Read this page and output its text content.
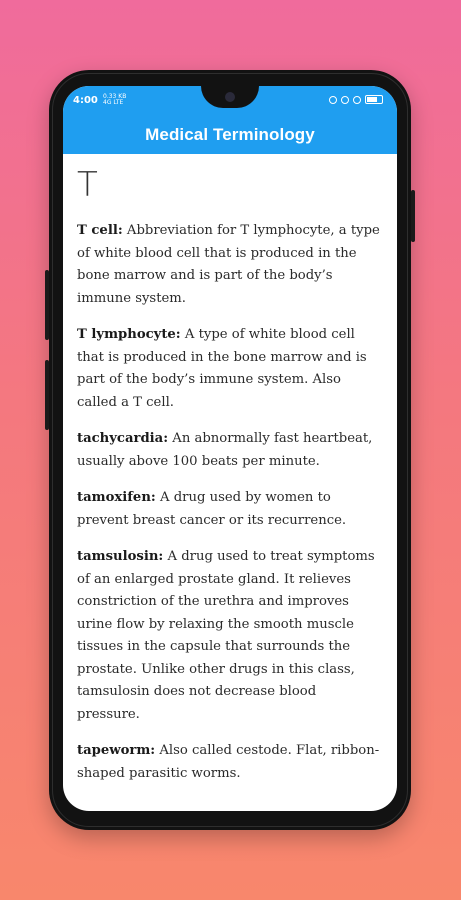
4:00 0.33 KB
4G LTE
Medical Terminology
T

T cell: Abbreviation for T lymphocyte, a type of white blood cell that is produced in the bone marrow and is part of the body’s immune system.

T lymphocyte: A type of white blood cell that is produced in the bone marrow and is part of the body’s immune system. Also called a T cell.

tachycardia: An abnormally fast heartbeat, usually above 100 beats per minute.

tamoxifen: A drug used by women to prevent breast cancer or its recurrence.

tamsulosin: A drug used to treat symptoms of an enlarged prostate gland. It relieves constriction of the urethra and improves urine flow by relaxing the smooth muscle tissues in the capsule that surrounds the prostate. Unlike other drugs in this class, tamsulosin does not decrease blood pressure.

tapeworm: Also called cestode. Flat, ribbon-shaped parasitic worms.
